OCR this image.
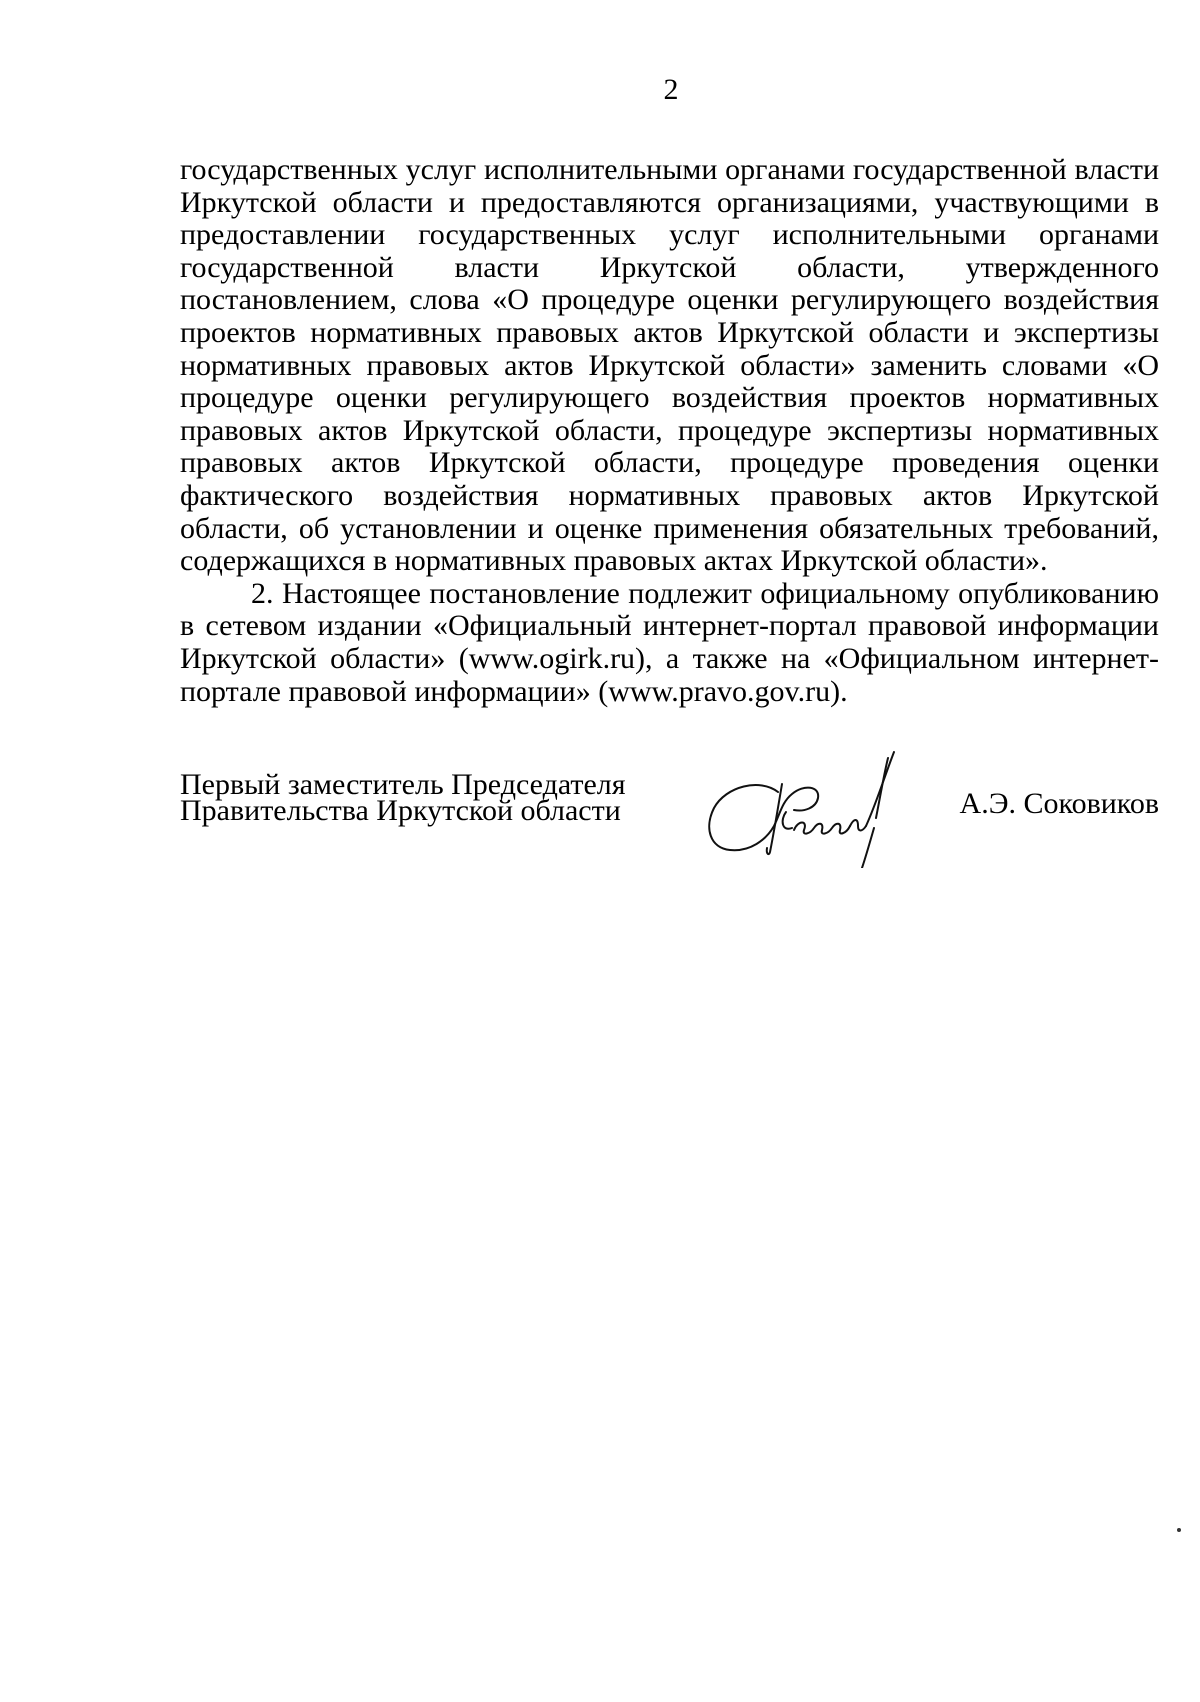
2

государственных услуг исполнительными органами государственной власти Иркутской области и предоставляются организациями, участвующими в предоставлении государственных услуг исполнительными органами государственной власти Иркутской области, утвержденного постановлением, слова «О процедуре оценки регулирующего воздействия проектов нормативных правовых актов Иркутской области и экспертизы нормативных правовых актов Иркутской области» заменить словами «О процедуре оценки регулирующего воздействия проектов нормативных правовых актов Иркутской области, процедуре экспертизы нормативных правовых актов Иркутской области, процедуре проведения оценки фактического воздействия нормативных правовых актов Иркутской области, об установлении и оценке применения обязательных требований, содержащихся в нормативных правовых актах Иркутской области».

2. Настоящее постановление подлежит официальному опубликованию в сетевом издании «Официальный интернет-портал правовой информации Иркутской области» (www.ogirk.ru), а также на «Официальном интернет-портале правовой информации» (www.pravo.gov.ru).

Первый заместитель Председателя
Правительства Иркутской области	А.Э. Соковиков
